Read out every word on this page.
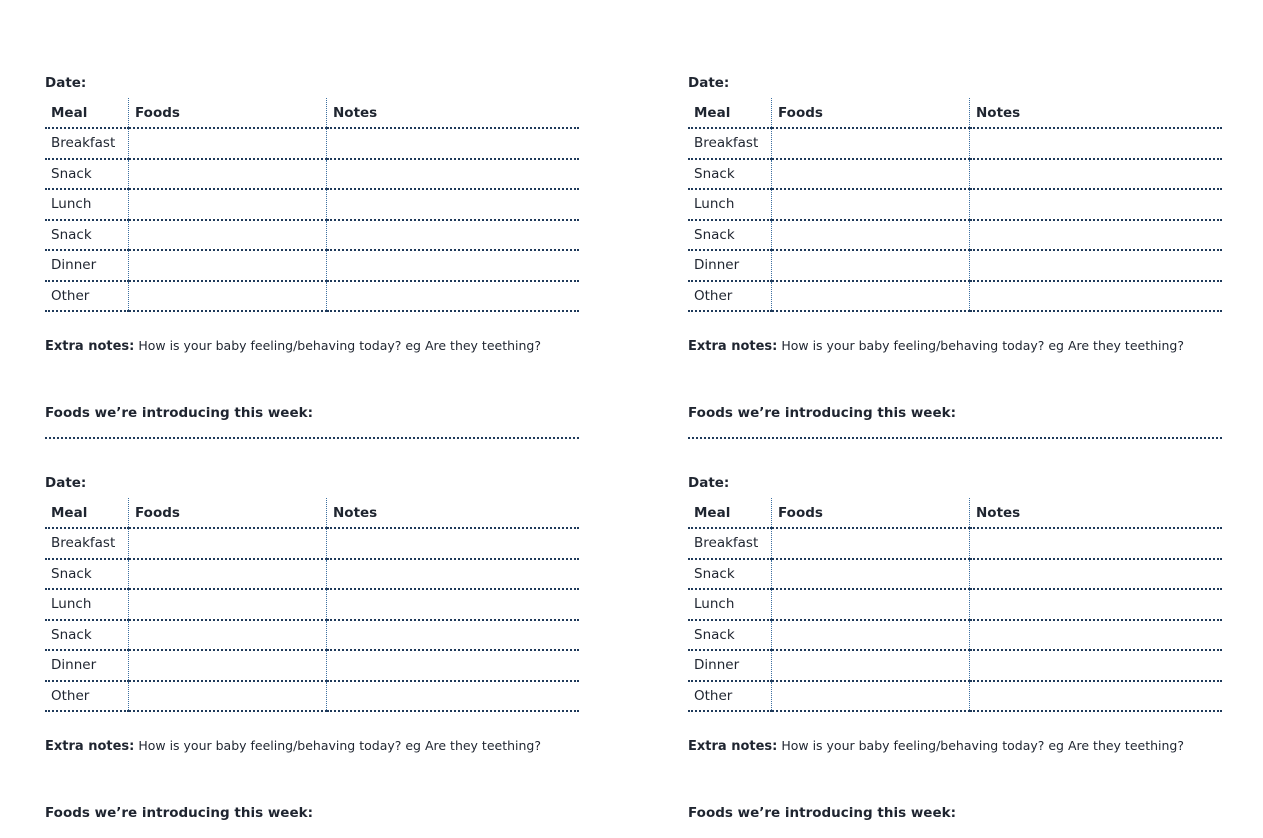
Date:
Meal	Foods	Notes
Breakfast		
Snack		
Lunch		
Snack		
Dinner		
Other		
Extra notes: How is your baby feeling/behaving today? eg Are they teething?
Foods we’re introducing this week:
Date:
Meal	Foods	Notes
Breakfast		
Snack		
Lunch		
Snack		
Dinner		
Other		
Extra notes: How is your baby feeling/behaving today? eg Are they teething?
Foods we’re introducing this week:
Date:
Meal	Foods	Notes
Breakfast		
Snack		
Lunch		
Snack		
Dinner		
Other		
Extra notes: How is your baby feeling/behaving today? eg Are they teething?
Foods we’re introducing this week:
Date:
Meal	Foods	Notes
Breakfast		
Snack		
Lunch		
Snack		
Dinner		
Other		
Extra notes: How is your baby feeling/behaving today? eg Are they teething?
Foods we’re introducing this week:
